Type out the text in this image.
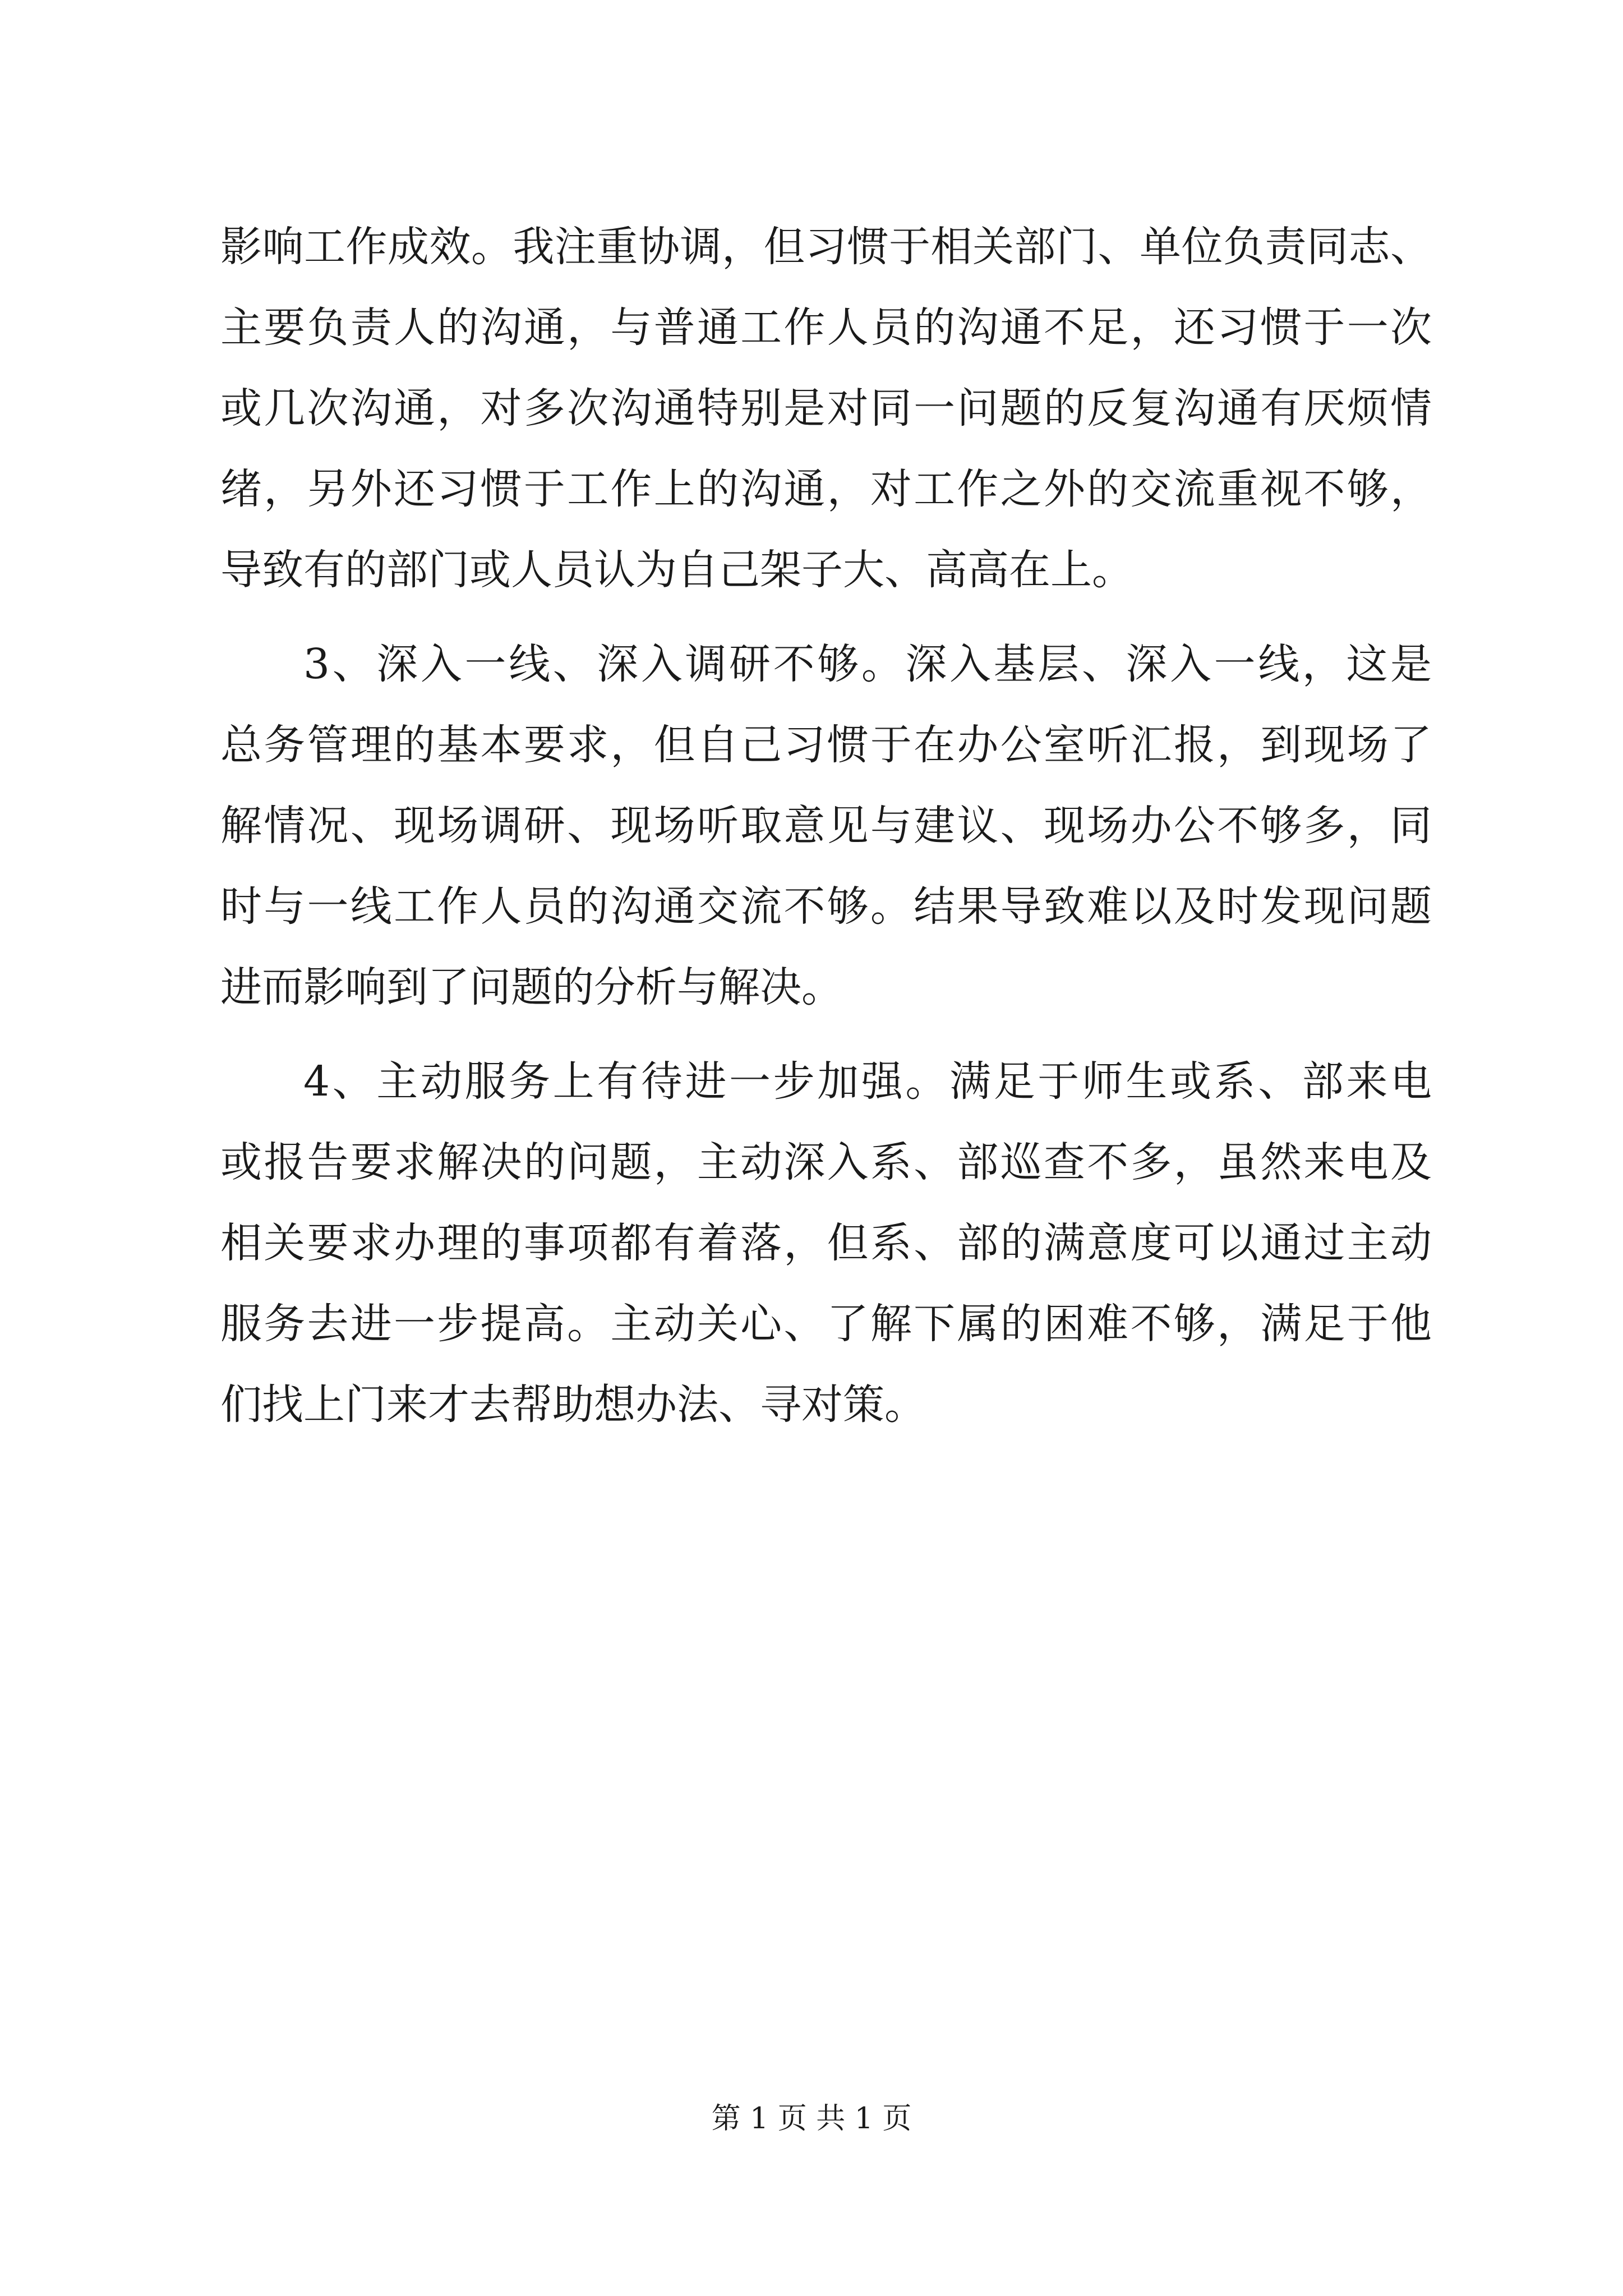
影响工作成效。我注重协调，但习惯于相关部门、单位负责同志、
主要负责人的沟通，与普通工作人员的沟通不足，还习惯于一次
或几次沟通，对多次沟通特别是对同一问题的反复沟通有厌烦情
绪，另外还习惯于工作上的沟通，对工作之外的交流重视不够，
导致有的部门或人员认为自己架子大、高高在上。
3、深入一线、深入调研不够。深入基层、深入一线，这是
总务管理的基本要求，但自己习惯于在办公室听汇报，到现场了
解情况、现场调研、现场听取意见与建议、现场办公不够多，同
时与一线工作人员的沟通交流不够。结果导致难以及时发现问题
进而影响到了问题的分析与解决。
4、主动服务上有待进一步加强。满足于师生或系、部来电
或报告要求解决的问题，主动深入系、部巡查不多，虽然来电及
相关要求办理的事项都有着落，但系、部的满意度可以通过主动
服务去进一步提高。主动关心、了解下属的困难不够，满足于他
们找上门来才去帮助想办法、寻对策。
第 1 页 共 1 页
